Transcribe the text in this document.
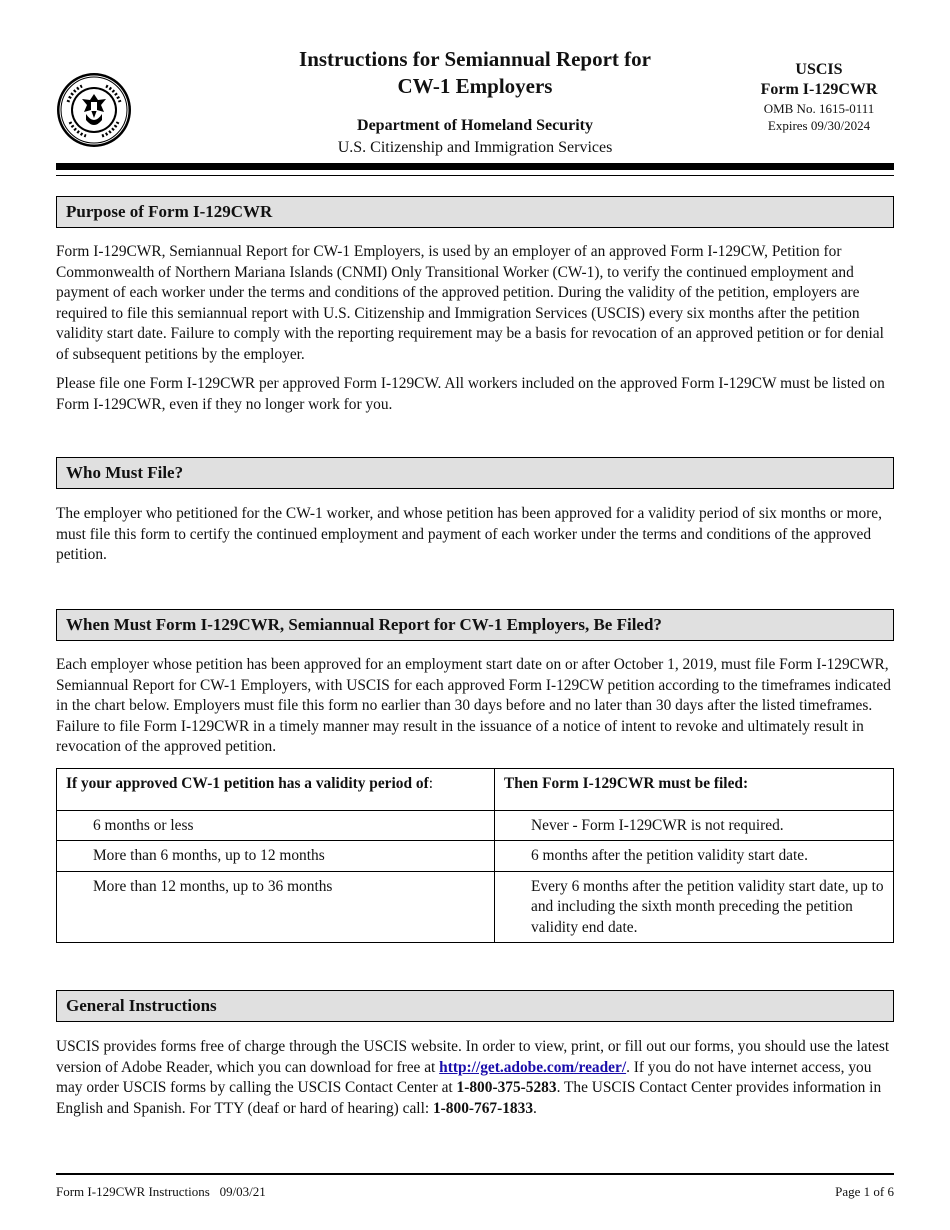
Instructions for Semiannual Report for
CW-1 Employers
Department of Homeland Security
U.S. Citizenship and Immigration Services
USCIS
Form I-129CWR
OMB No. 1615-0111
Expires 09/30/2024
Purpose of Form I-129CWR

Form I-129CWR, Semiannual Report for CW-1 Employers, is used by an employer of an approved Form I-129CW, Petition for Commonwealth of Northern Mariana Islands (CNMI) Only Transitional Worker (CW-1), to verify the continued employment and payment of each worker under the terms and conditions of the approved petition. During the validity of the petition, employers are required to file this semiannual report with U.S. Citizenship and Immigration Services (USCIS) every six months after the petition validity start date. Failure to comply with the reporting requirement may be a basis for revocation of an approved petition or for denial of subsequent petitions by the employer.

Please file one Form I-129CWR per approved Form I-129CW. All workers included on the approved Form I-129CW must be listed on Form I-129CWR, even if they no longer work for you.

Who Must File?

The employer who petitioned for the CW-1 worker, and whose petition has been approved for a validity period of six months or more, must file this form to certify the continued employment and payment of each worker under the terms and conditions of the approved petition.

When Must Form I-129CWR, Semiannual Report for CW-1 Employers, Be Filed?

Each employer whose petition has been approved for an employment start date on or after October 1, 2019, must file Form I-129CWR, Semiannual Report for CW-1 Employers, with USCIS for each approved Form I-129CW petition according to the timeframes indicated in the chart below. Employers must file this form no earlier than 30 days before and no later than 30 days after the listed timeframes. Failure to file Form I-129CWR in a timely manner may result in the issuance of a notice of intent to revoke and ultimately result in revocation of the approved petition.

If your approved CW-1 petition has a validity period of:	Then Form I-129CWR must be filed:
6 months or less	Never - Form I-129CWR is not required.
More than 6 months, up to 12 months	6 months after the petition validity start date.
More than 12 months, up to 36 months	Every 6 months after the petition validity start date, up to and including the sixth month preceding the petition validity end date.
General Instructions

USCIS provides forms free of charge through the USCIS website. In order to view, print, or fill out our forms, you should use the latest version of Adobe Reader, which you can download for free at http://get.adobe.com/reader/. If you do not have internet access, you may order USCIS forms by calling the USCIS Contact Center at 1-800-375-5283. The USCIS Contact Center provides information in English and Spanish. For TTY (deaf or hard of hearing) call: 1-800-767-1833.

Form I-129CWR Instructions   09/03/21	Page 1 of 6
